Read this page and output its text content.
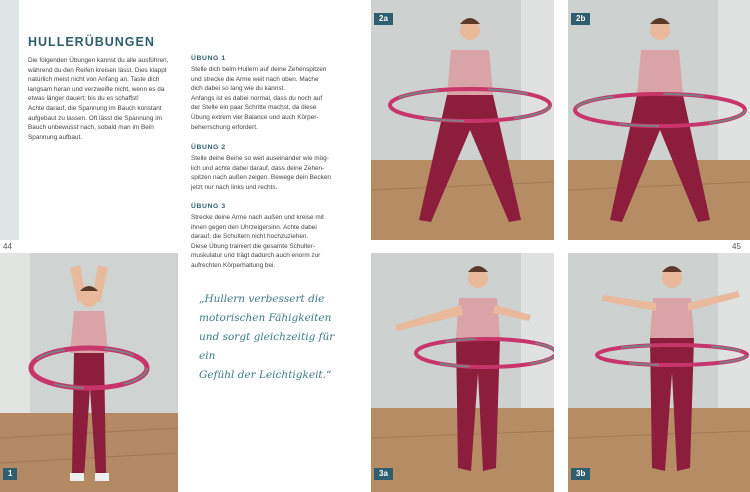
1
2a	2b
3a	3b
HULLERÜBUNGEN
Die folgenden Übungen kannst du alle ausführen,
während du den Reifen kreisen lässt. Dies klappt
natürlich meist nicht von Anfang an. Taste dich
langsam heran und verzweifle nicht, wenn es da
etwas länger dauert; bis du es schaffst!
Achte darauf, die Spannung im Bauch konstant
aufgebaut zu lassen. Oft lässt die Spannung im
Bauch unbewusst nach, sobald man im Bein
Spannung aufbaut.
ÜBUNG 1
Stelle dich beim Hullern auf deine Zehenspitzen
und strecke die Arme weit nach oben. Mache
dich dabei so lang wie du kannst.
Anfangs ist es dabei normal, dass du noch auf
der Stelle ein paar Schritte machst, da diese
Übung extrem viel Balance und auch Körper-
beherrschung erfordert.
ÜBUNG 2
Stelle deine Beine so weit auseinander wie mög-
lich und achte dabei darauf, dass deine Zehen-
spitzen nach außen zeigen. Bewege dein Becken
jetzt nur nach links und rechts.
ÜBUNG 3
Strecke deine Arme nach außen und kreise mit
ihnen gegen den Uhrzeigersinn. Achte dabei
darauf, die Schultern nicht hochzuziehen.
Diese Übung trainiert die gesamte Schulter-
muskulatur und trägt dadurch auch enorm zur
aufrechten Körperhaltung bei.
„Hullern verbessert die
motorischen Fähigkeiten
und sorgt gleichzeitig für ein
Gefühl der Leichtigkeit.“
44	45
